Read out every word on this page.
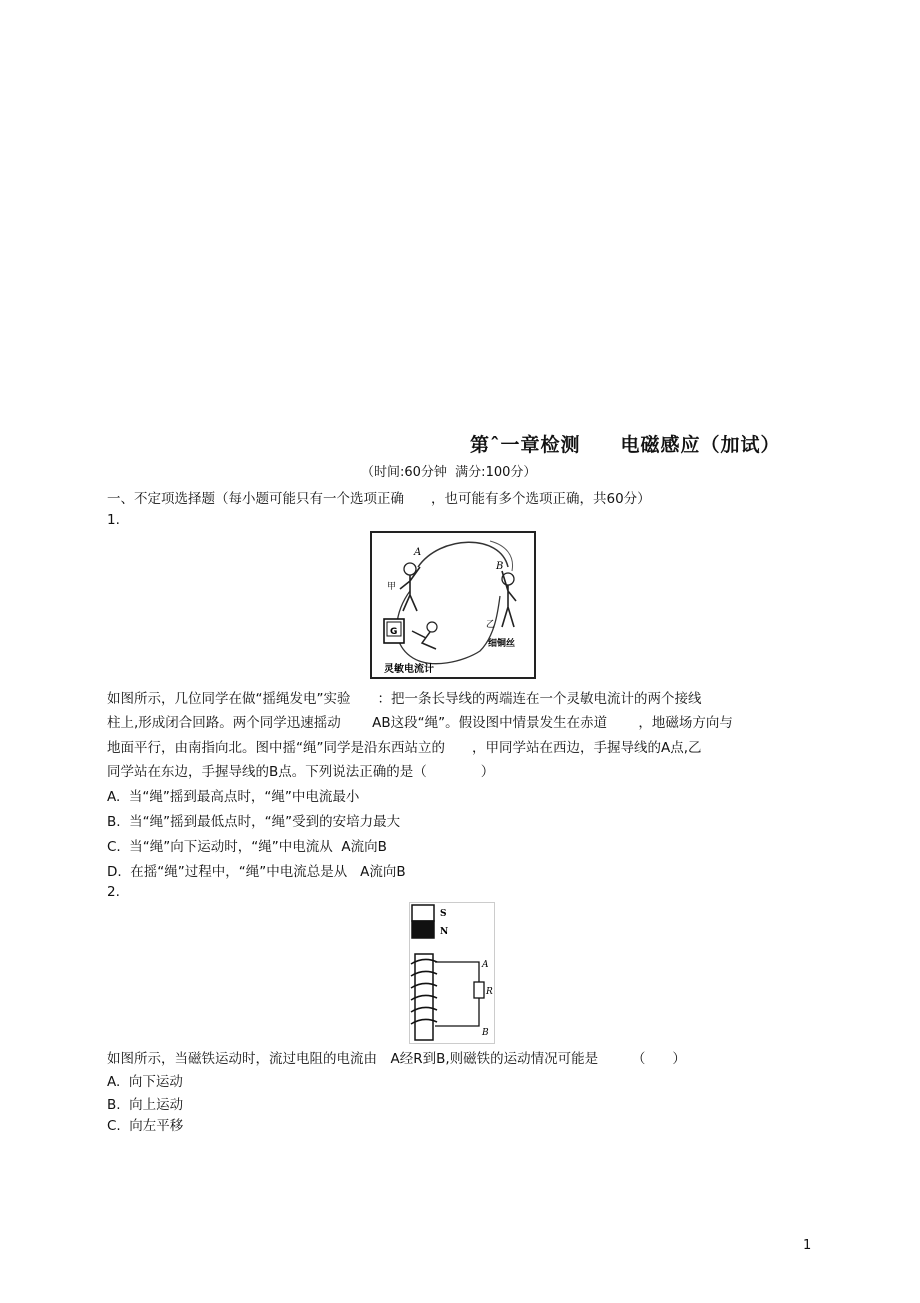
第ˆ一章检测　　电磁感应（加试）
（时间:60分钟  满分:100分）
一、不定项选择题（每小题可能只有一个选项正确　　，也可能有多个选项正确，共60分）
1.
A
B
甲
乙
细铜丝
G
灵敏电流计
如图所示，几位同学在做“摇绳发电”实验　　：把一条长导线的两端连在一个灵敏电流计的两个接线
柱上,形成闭合回路。两个同学迅速摇动　　 AB这段“绳”。假设图中情景发生在赤道　　 ，地磁场方向与
地面平行，由南指向北。图中摇“绳”同学是沿东西站立的　　，甲同学站在西边，手握导线的A点,乙
同学站在东边，手握导线的B点。下列说法正确的是（　　　　）
A.  当“绳”摇到最高点时，“绳”中电流最小
B.  当“绳”摇到最低点时，“绳”受到的安培力最大
C.  当“绳”向下运动时，“绳”中电流从  A流向B
D.  在摇“绳”过程中，“绳”中电流总是从   A流向B
2.
S
N
A
R
B
如图所示，当磁铁运动时，流过电阻的电流由　A经R到B,则磁铁的运动情况可能是　　　（　　）
A.  向下运动
B.  向上运动
C.  向左平移
1
